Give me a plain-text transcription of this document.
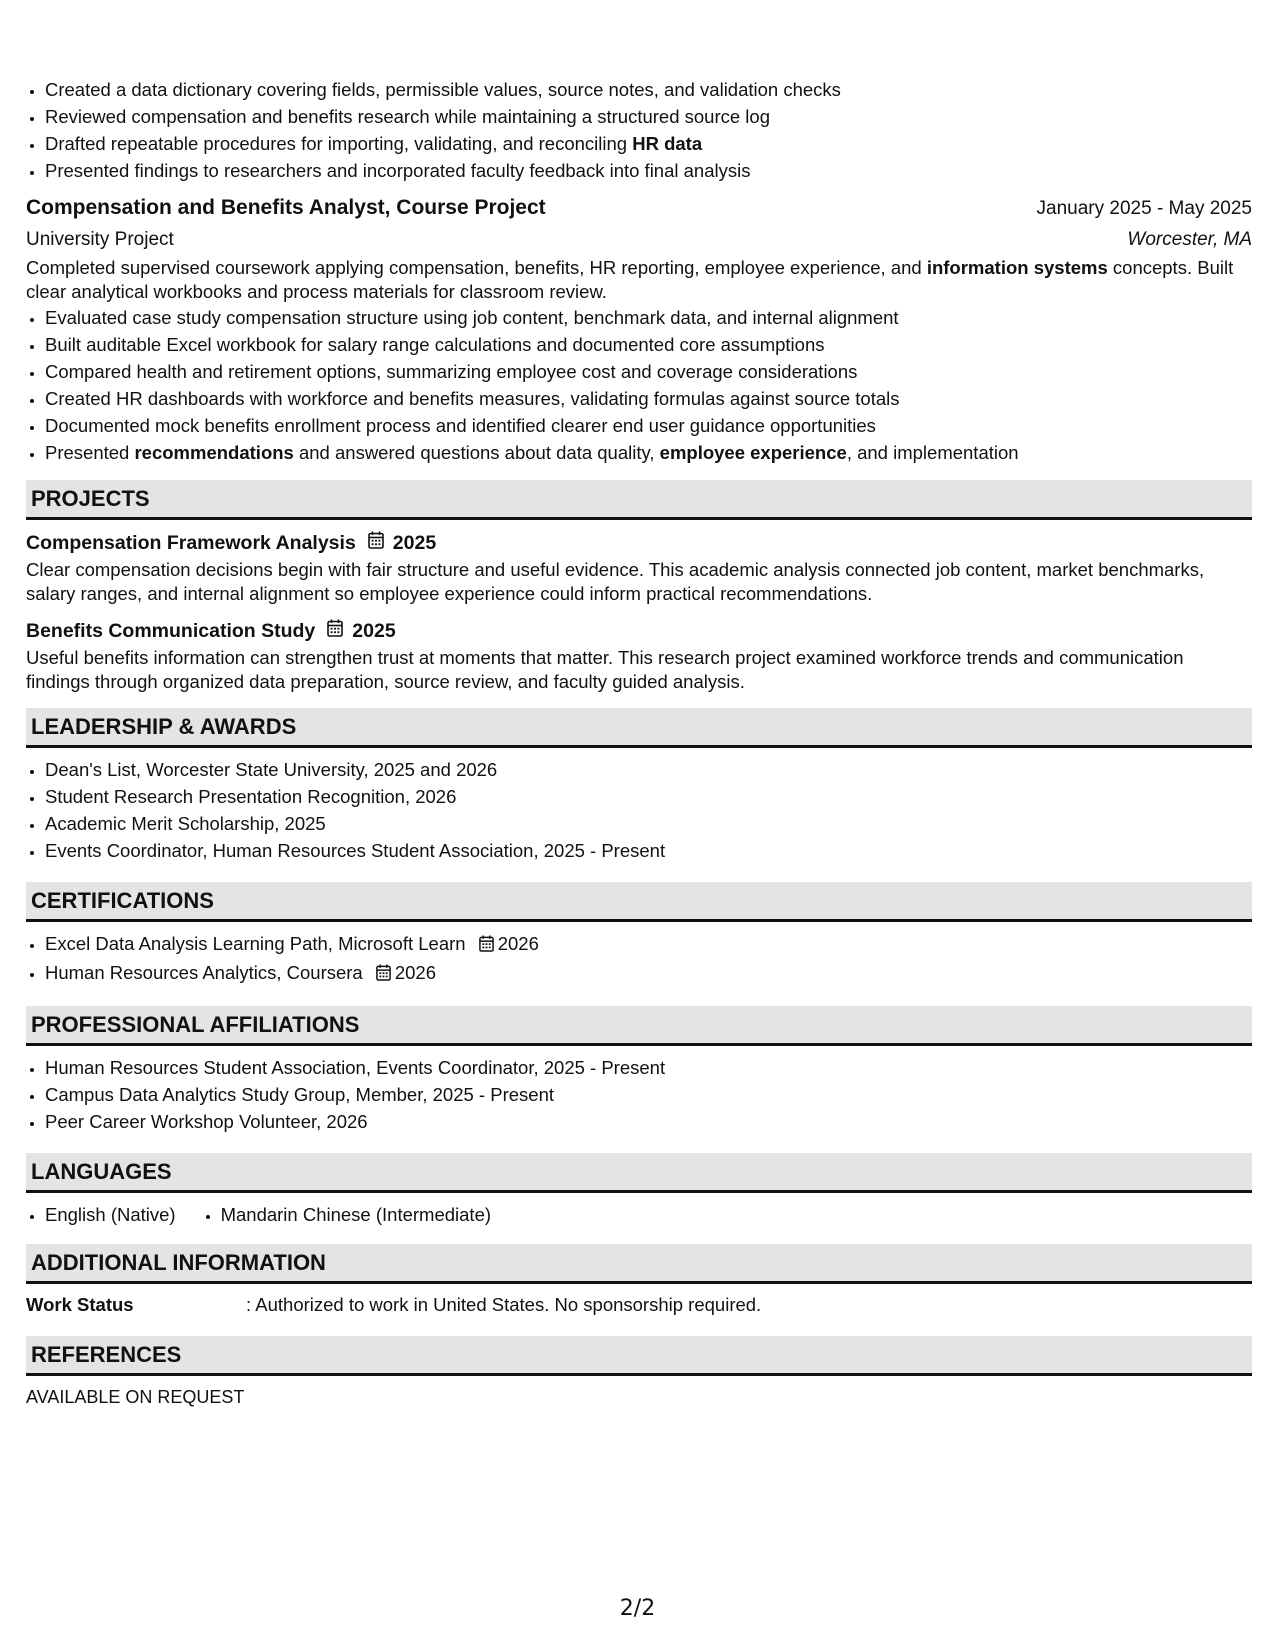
• Created a data dictionary covering fields, permissible values, source notes, and validation checks
• Reviewed compensation and benefits research while maintaining a structured source log
• Drafted repeatable procedures for importing, validating, and reconciling HR data
• Presented findings to researchers and incorporated faculty feedback into final analysis
Compensation and Benefits Analyst, Course Project	January 2025 - May 2025
University Project	Worcester, MA

Completed supervised coursework applying compensation, benefits, HR reporting, employee experience, and information systems concepts. Built clear analytical workbooks and process materials for classroom review.

• Evaluated case study compensation structure using job content, benchmark data, and internal alignment
• Built auditable Excel workbook for salary range calculations and documented core assumptions
• Compared health and retirement options, summarizing employee cost and coverage considerations
• Created HR dashboards with workforce and benefits measures, validating formulas against source totals
• Documented mock benefits enrollment process and identified clearer end user guidance opportunities
• Presented recommendations and answered questions about data quality, employee experience, and implementation
PROJECTS
Compensation Framework Analysis 2025

Clear compensation decisions begin with fair structure and useful evidence. This academic analysis connected job content, market benchmarks, salary ranges, and internal alignment so employee experience could inform practical recommendations.

Benefits Communication Study 2025

Useful benefits information can strengthen trust at moments that matter. This research project examined workforce trends and communication findings through organized data preparation, source review, and faculty guided analysis.

LEADERSHIP & AWARDS
• Dean's List, Worcester State University, 2025 and 2026
• Student Research Presentation Recognition, 2026
• Academic Merit Scholarship, 2025
• Events Coordinator, Human Resources Student Association, 2025 - Present
CERTIFICATIONS
• Excel Data Analysis Learning Path, Microsoft Learn 2026
• Human Resources Analytics, Coursera 2026
PROFESSIONAL AFFILIATIONS
• Human Resources Student Association, Events Coordinator, 2025 - Present
• Campus Data Analytics Study Group, Member, 2025 - Present
• Peer Career Workshop Volunteer, 2026
LANGUAGES
• English (Native)
• Mandarin Chinese (Intermediate)
ADDITIONAL INFORMATION
Work Status	: Authorized to work in United States. No sponsorship required.
REFERENCES
AVAILABLE ON REQUEST
2/2
